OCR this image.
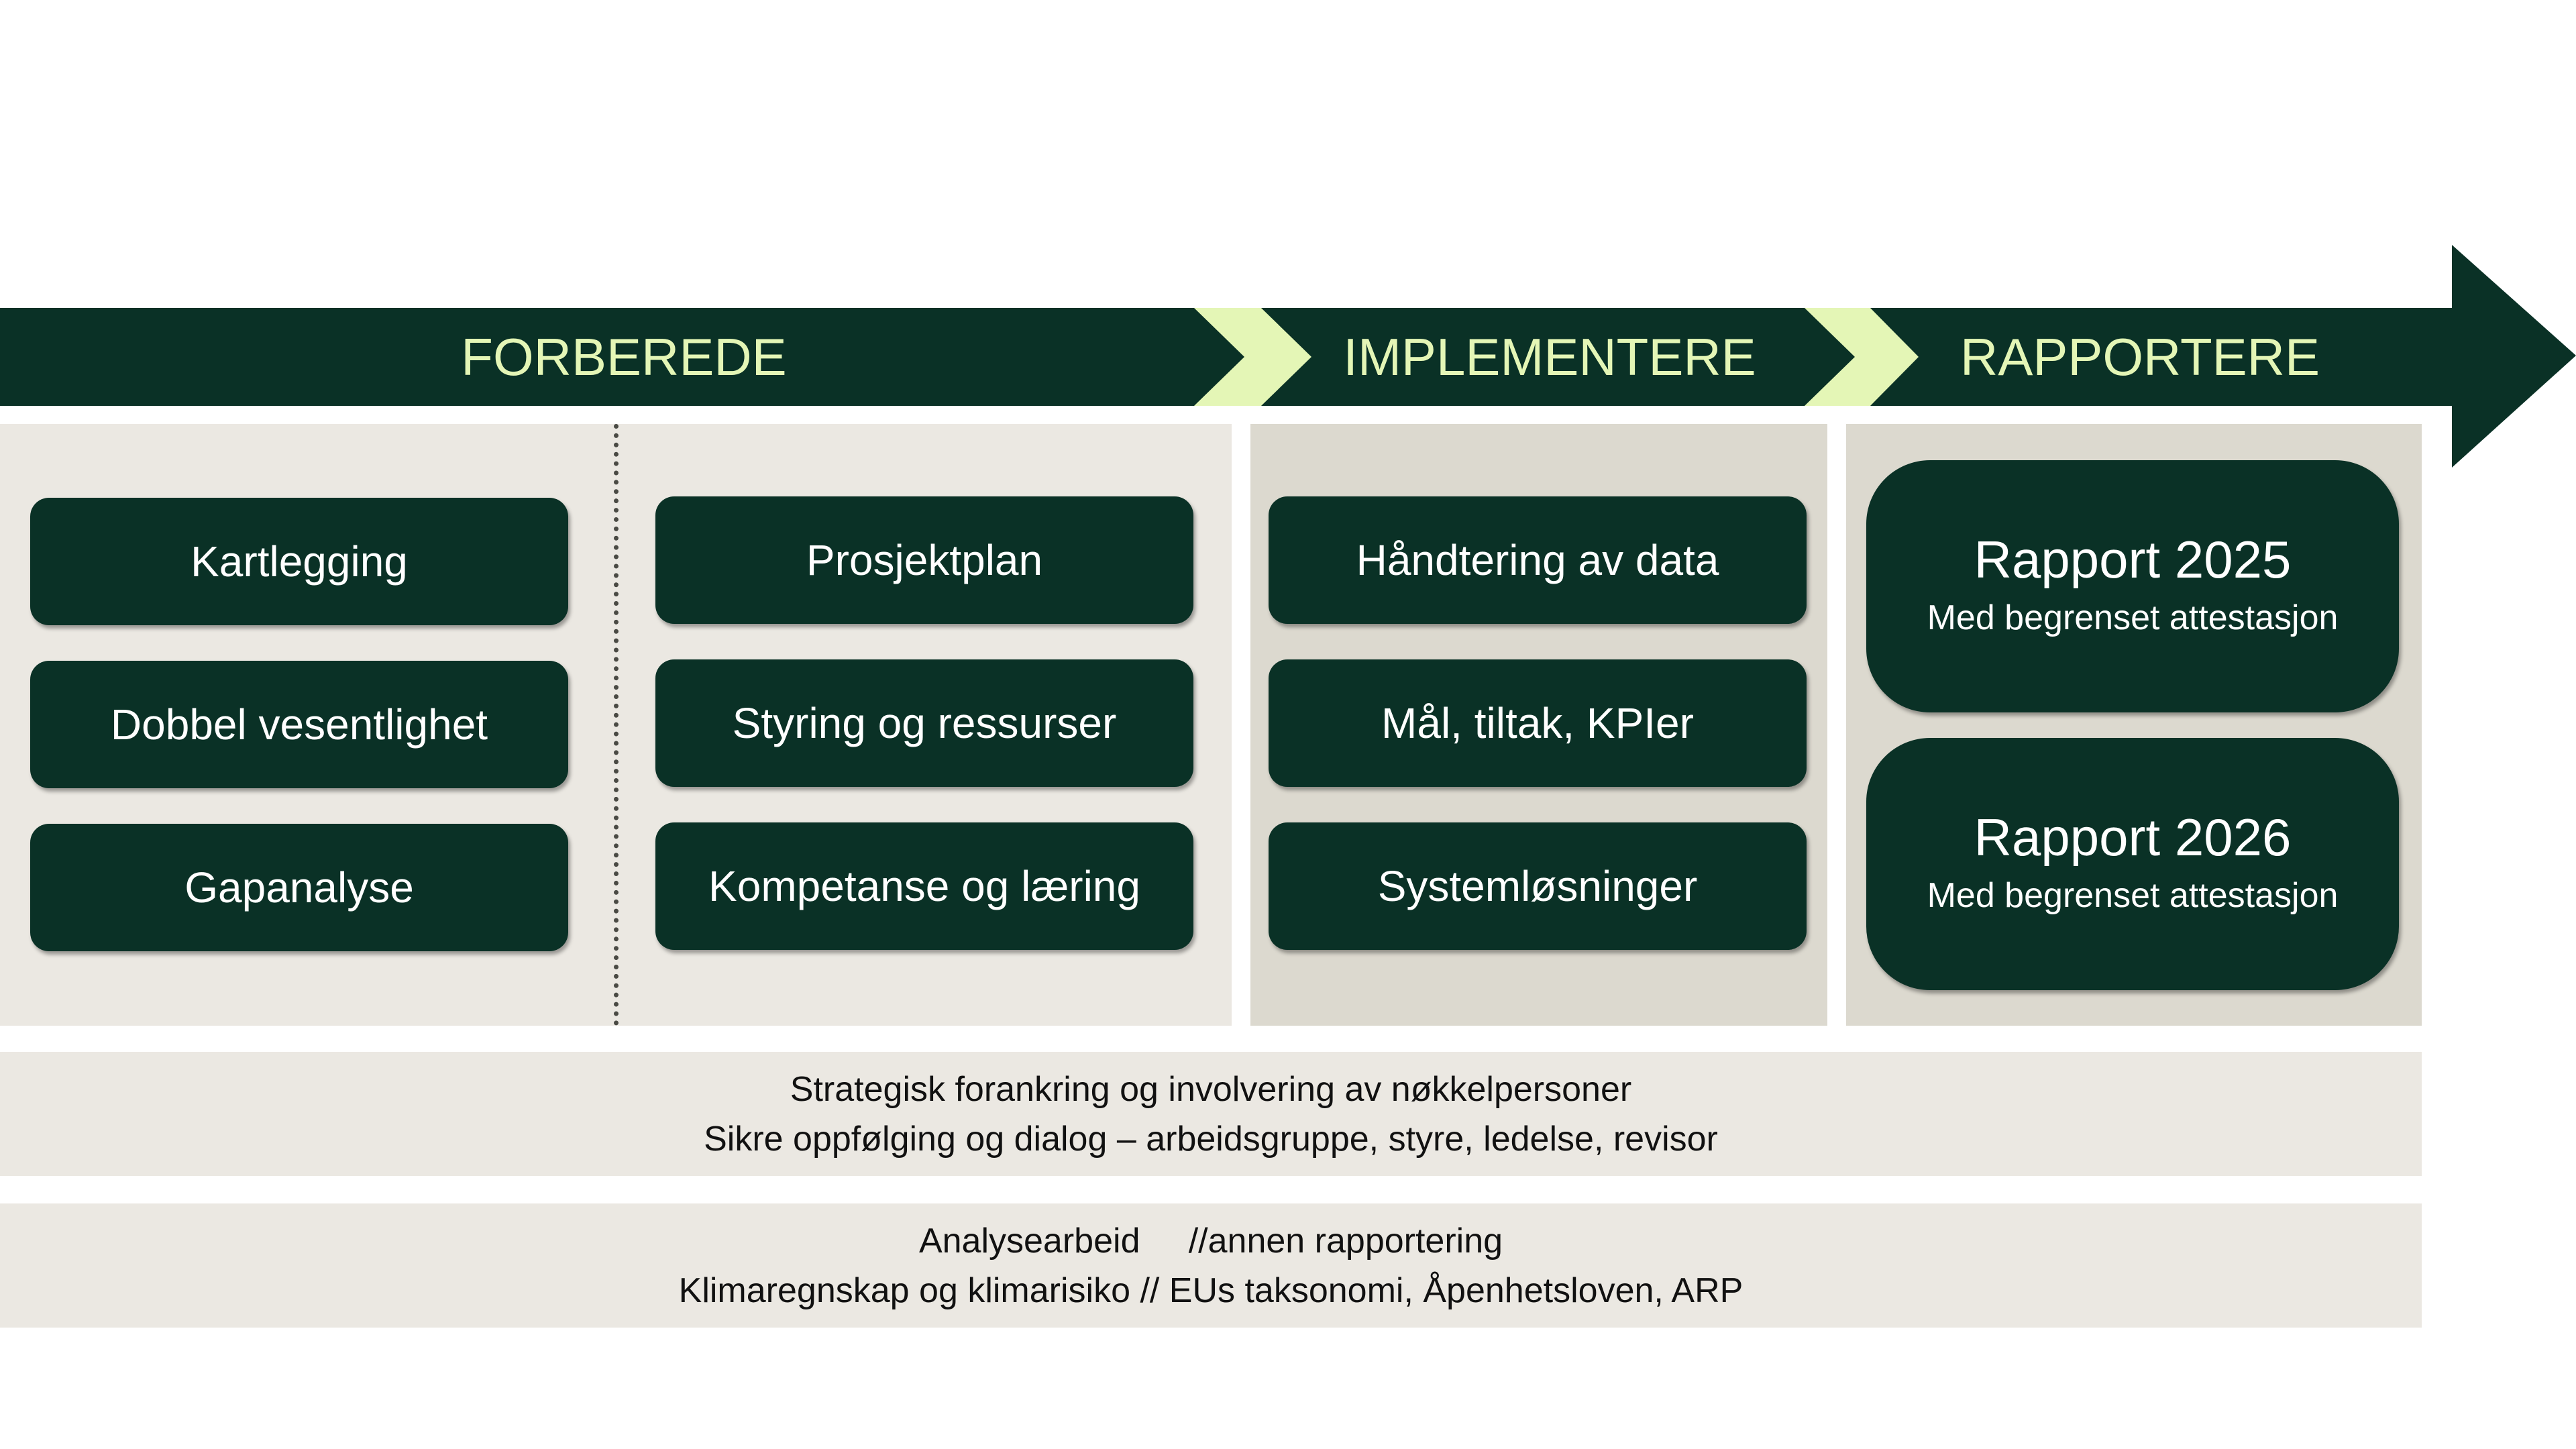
FORBEREDE	IMPLEMENTERE	RAPPORTERE
Kartlegging
Dobbel vesentlighet
Gapanalyse
Prosjektplan
Styring og ressurser
Kompetanse og læring
Håndtering av data
Mål, tiltak, KPIer
Systemløsninger
Rapport 2025
Med begrenset attestasjon
Rapport 2026
Med begrenset attestasjon
Strategisk forankring og involvering av nøkkelpersoner
Sikre oppfølging og dialog – arbeidsgruppe, styre, ledelse, revisor
Analysearbeid     //annen rapportering
Klimaregnskap og klimarisiko // EUs taksonomi, Åpenhetsloven, ARP
